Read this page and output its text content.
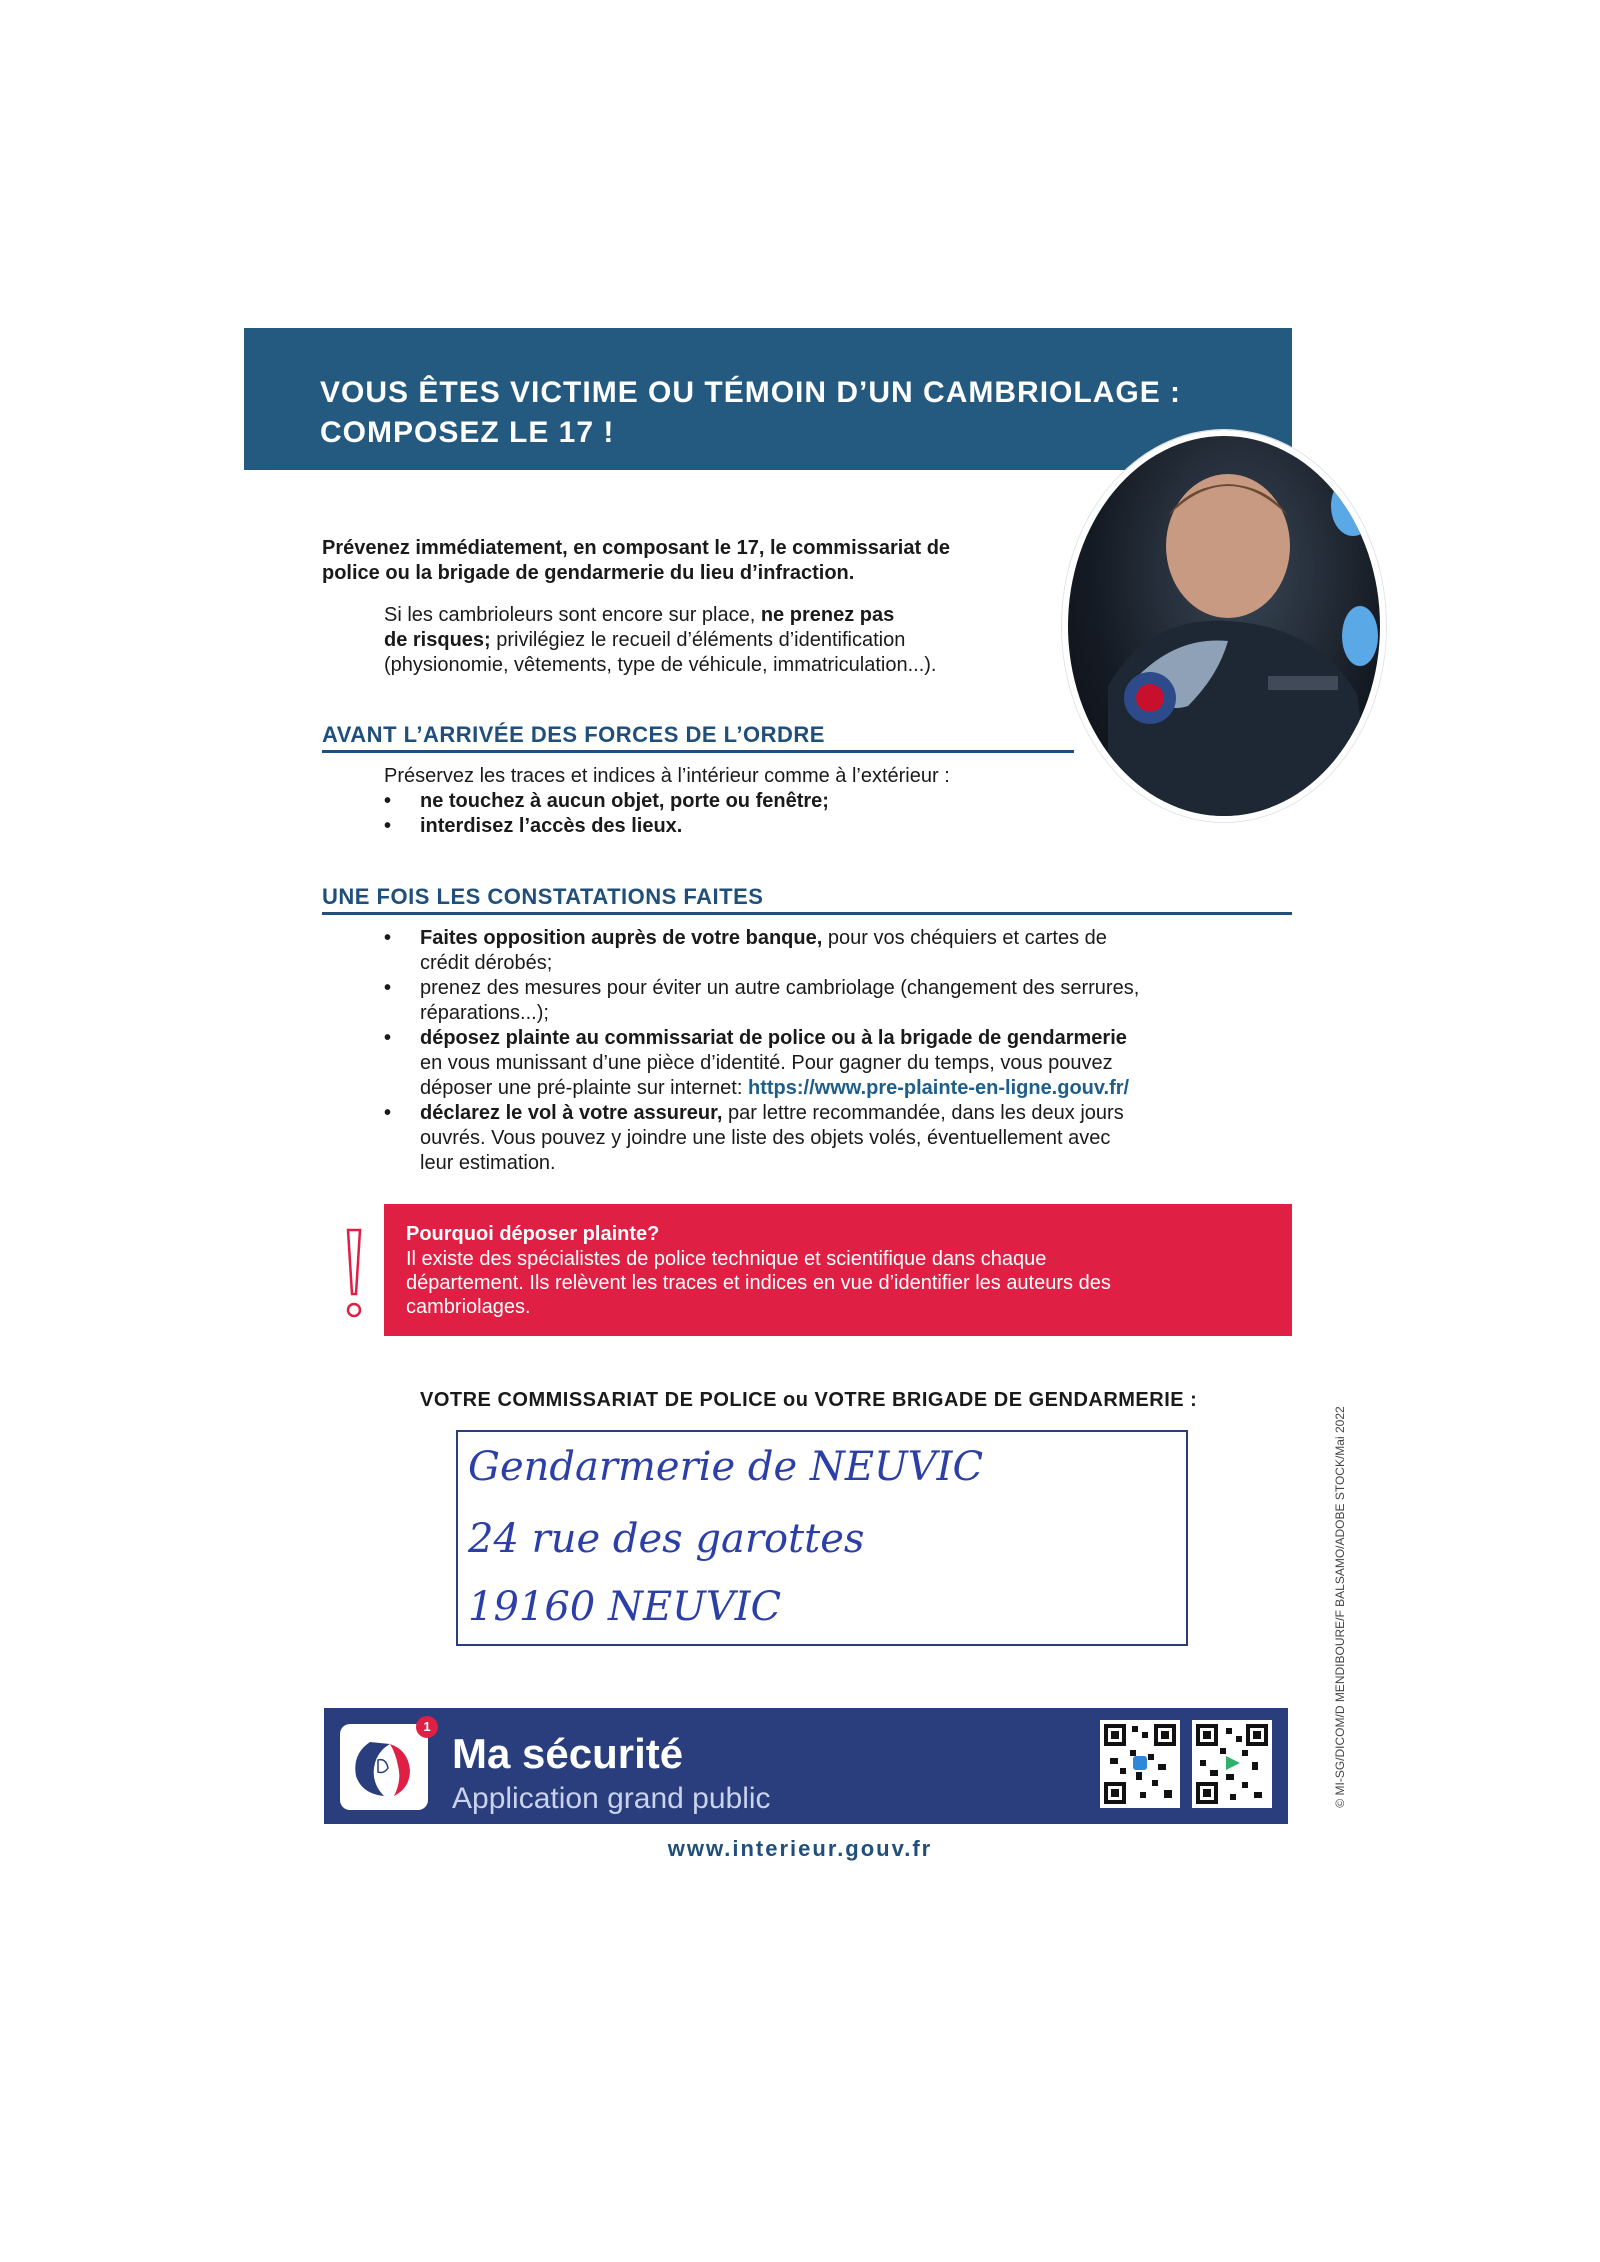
VOUS ÊTES VICTIME OU TÉMOIN D’UN CAMBRIOLAGE :
COMPOSEZ LE 17 !
Prévenez immédiatement, en composant le 17, le commissariat de
police ou la brigade de gendarmerie du lieu d’infraction.
Si les cambrioleurs sont encore sur place, ne prenez pas
de risques; privilégiez le recueil d’éléments d’identification
(physionomie, vêtements, type de véhicule, immatriculation...).
AVANT L’ARRIVÉE DES FORCES DE L’ORDRE
Préservez les traces et indices à l’intérieur comme à l’extérieur :
• ne touchez à aucun objet, porte ou fenêtre;
• interdisez l’accès des lieux.
UNE FOIS LES CONSTATATIONS FAITES
• Faites opposition auprès de votre banque, pour vos chéquiers et cartes de
crédit dérobés;
• prenez des mesures pour éviter un autre cambriolage (changement des serrures,
réparations...);
• déposez plainte au commissariat de police ou à la brigade de gendarmerie
en vous munissant d’une pièce d’identité. Pour gagner du temps, vous pouvez
déposer une pré-plainte sur internet: https://www.pre-plainte-en-ligne.gouv.fr/
• déclarez le vol à votre assureur, par lettre recommandée, dans les deux jours
ouvrés. Vous pouvez y joindre une liste des objets volés, éventuellement avec
leur estimation.
Pourquoi déposer plainte?
Il existe des spécialistes de police technique et scientifique dans chaque
département. Ils relèvent les traces et indices en vue d’identifier les auteurs des
cambriolages.
VOTRE COMMISSARIAT DE POLICE ou VOTRE BRIGADE DE GENDARMERIE :
Gendarmerie de NEUVIC
24 rue des garottes
19160 NEUVIC	© MI-SG/DICOM/D MENDIBOURE/F BALSAMO/ADOBE STOCK/Mai 2022
1
Ma sécurité
Application grand public
www.interieur.gouv.fr
